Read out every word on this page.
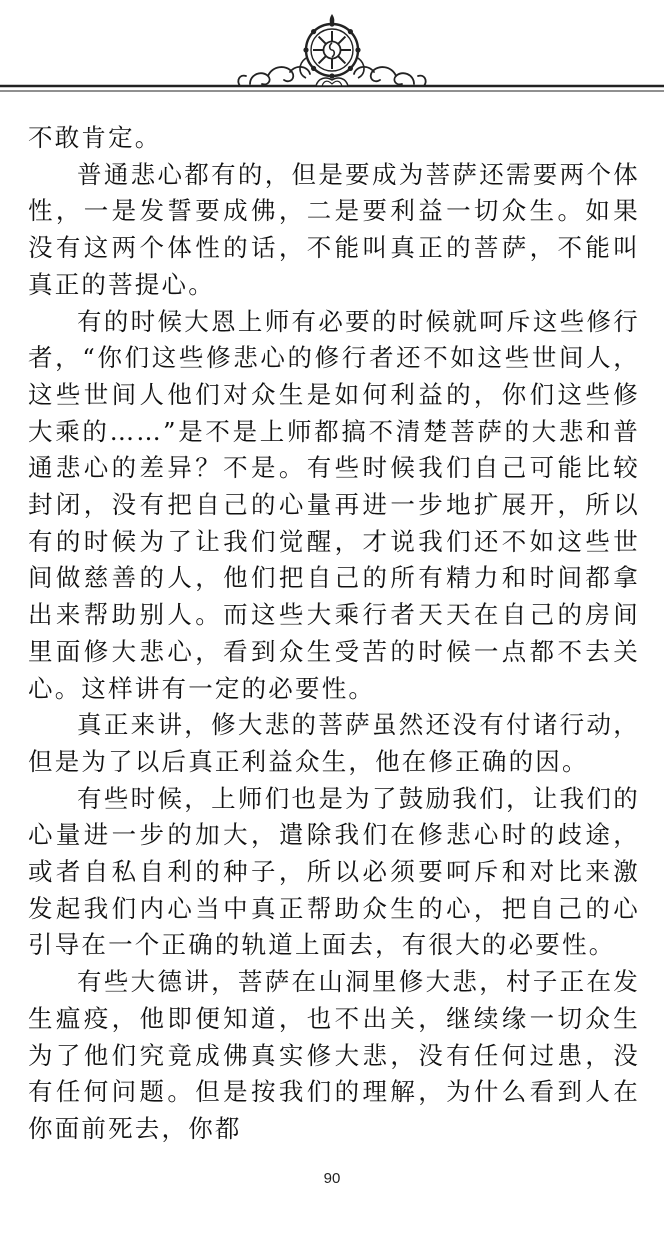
不敢肯定。

普通悲心都有的，但是要成为菩萨还需要两个体性，一是发誓要成佛，二是要利益一切众生。如果没有这两个体性的话，不能叫真正的菩萨，不能叫真正的菩提心。

有的时候大恩上师有必要的时候就呵斥这些修行者，“你们这些修悲心的修行者还不如这些世间人，这些世间人他们对众生是如何利益的，你们这些修大乘的……”是不是上师都搞不清楚菩萨的大悲和普通悲心的差异？不是。有些时候我们自己可能比较封闭，没有把自己的心量再进一步地扩展开，所以有的时候为了让我们觉醒，才说我们还不如这些世间做慈善的人，他们把自己的所有精力和时间都拿出来帮助别人。而这些大乘行者天天在自己的房间里面修大悲心，看到众生受苦的时候一点都不去关心。这样讲有一定的必要性。

真正来讲，修大悲的菩萨虽然还没有付诸行动，但是为了以后真正利益众生，他在修正确的因。

有些时候，上师们也是为了鼓励我们，让我们的心量进一步的加大，遣除我们在修悲心时的歧途，或者自私自利的种子，所以必须要呵斥和对比来激发起我们内心当中真正帮助众生的心，把自己的心引导在一个正确的轨道上面去，有很大的必要性。

有些大德讲，菩萨在山洞里修大悲，村子正在发生瘟疫，他即便知道，也不出关，继续缘一切众生为了他们究竟成佛真实修大悲，没有任何过患，没有任何问题。但是按我们的理解，为什么看到人在你面前死去，你都

90
